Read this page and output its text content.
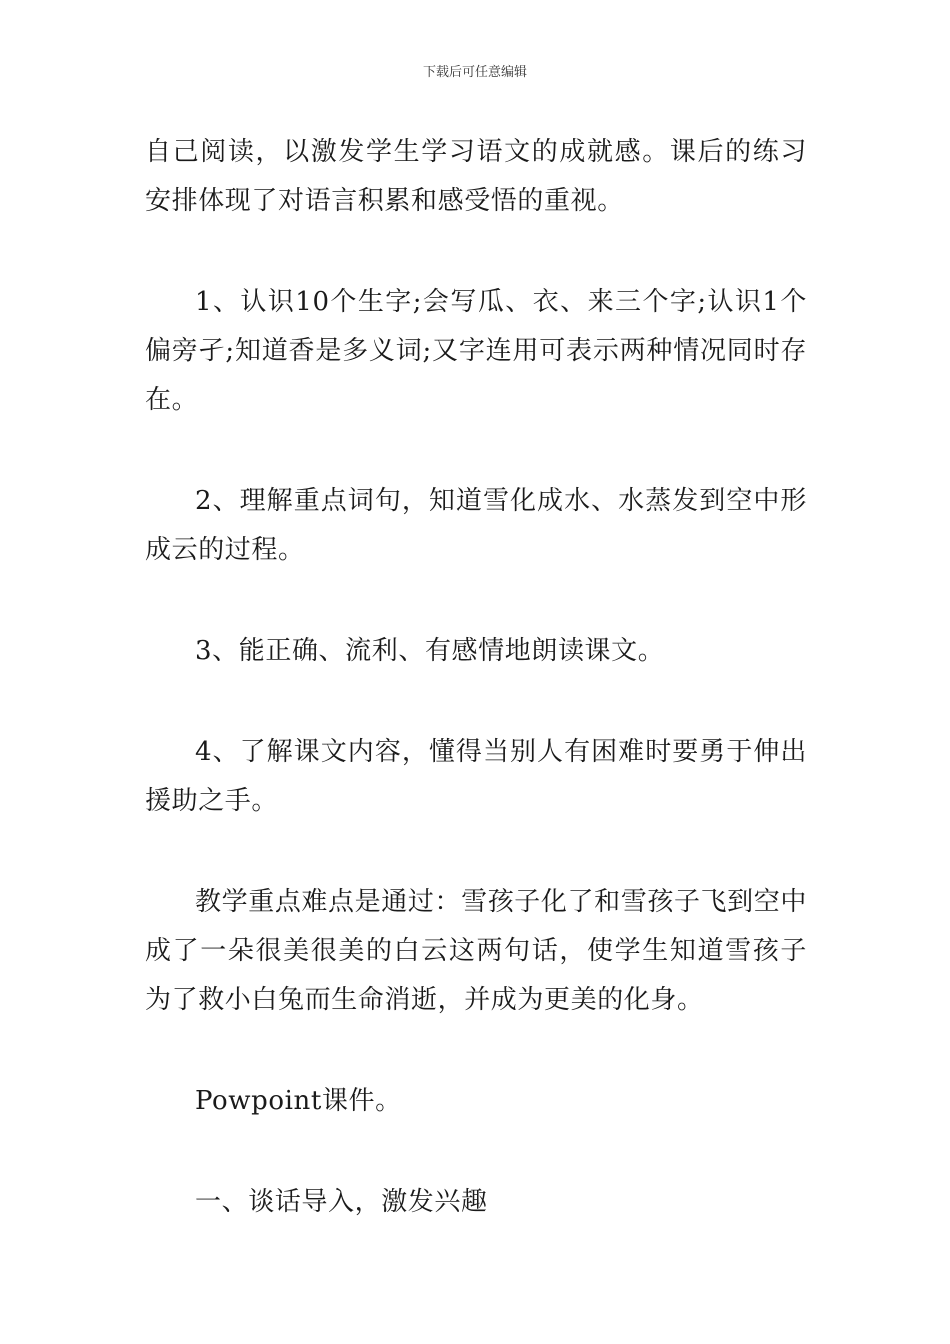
下载后可任意编辑

自己阅读，以激发学生学习语文的成就感。课后的练习安排体现了对语言积累和感受悟的重视。

1、认识10个生字;会写瓜、衣、来三个字;认识1个偏旁孑;知道香是多义词;又字连用可表示两种情况同时存在。

2、理解重点词句，知道雪化成水、水蒸发到空中形成云的过程。

3、能正确、流利、有感情地朗读课文。

4、了解课文内容，懂得当别人有困难时要勇于伸出援助之手。

教学重点难点是通过：雪孩子化了和雪孩子飞到空中成了一朵很美很美的白云这两句话，使学生知道雪孩子为了救小白兔而生命消逝，并成为更美的化身。

Powpoint课件。

一、谈话导入，激发兴趣
